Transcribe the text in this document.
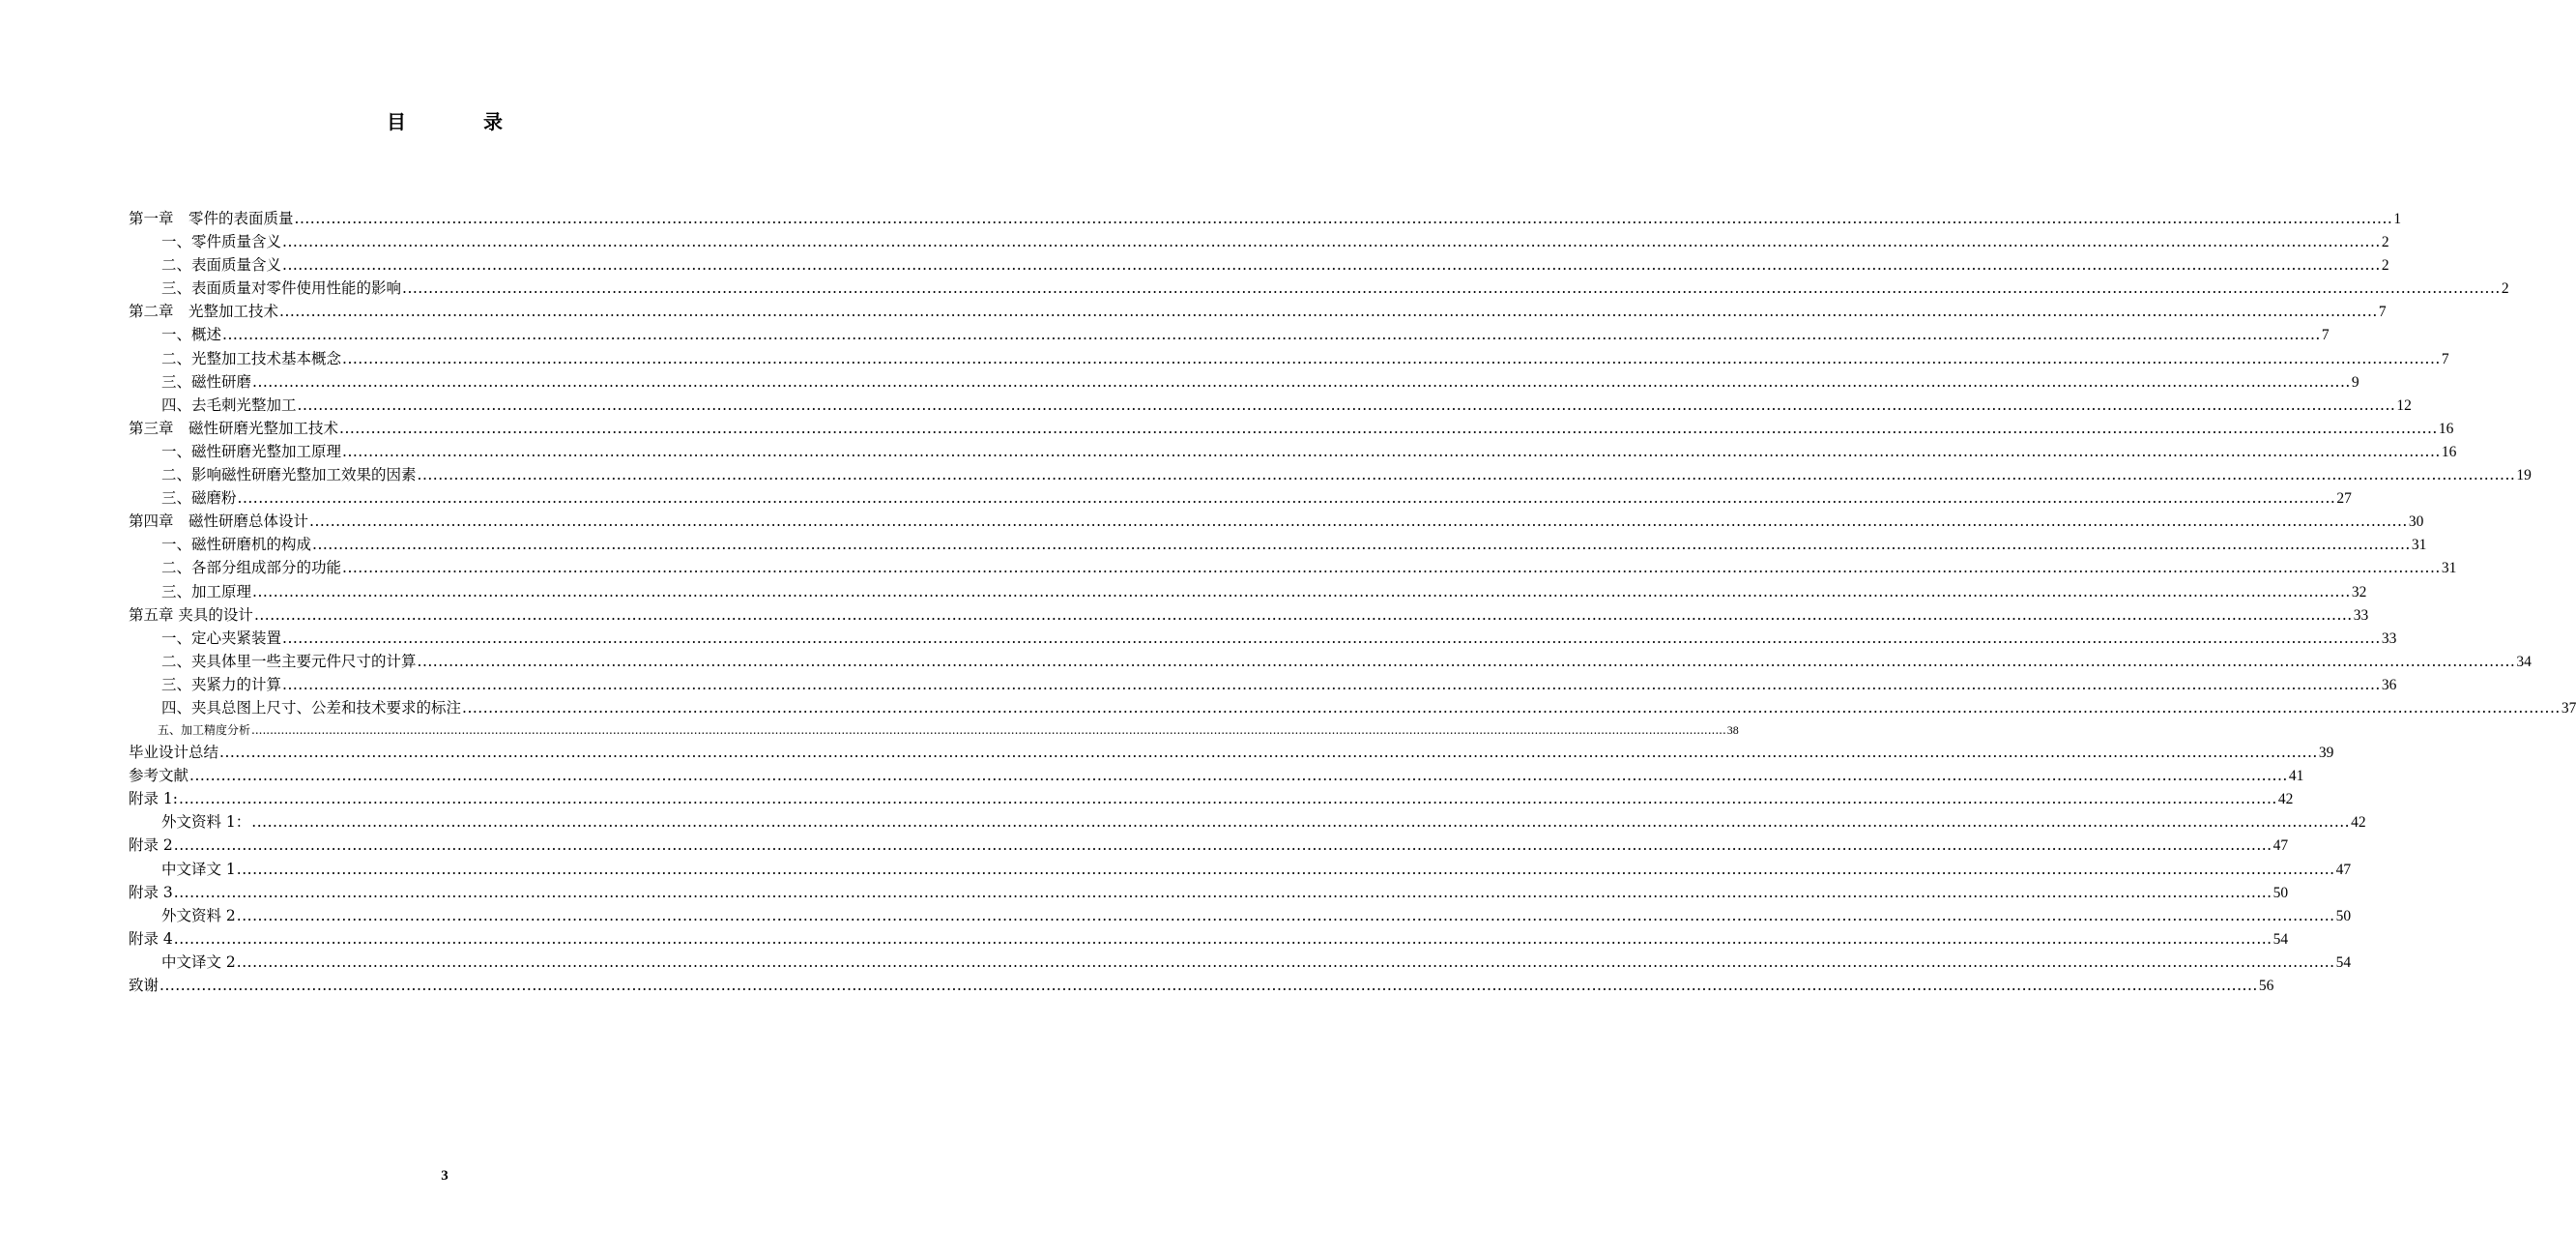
目　录
第一章　零件的表面质量 ................................................................................................................................................................................................................................................................................................................................................................................................................ 1
一、零件质量含义 ................................................................................................................................................................................................................................................................................................................................................................................................................ 2
二、表面质量含义 ................................................................................................................................................................................................................................................................................................................................................................................................................ 2
三、表面质量对零件使用性能的影响 ................................................................................................................................................................................................................................................................................................................................................................................................................ 2
第二章　光整加工技术 ................................................................................................................................................................................................................................................................................................................................................................................................................ 7
一、概述 ................................................................................................................................................................................................................................................................................................................................................................................................................ 7
二、光整加工技术基本概念 ................................................................................................................................................................................................................................................................................................................................................................................................................ 7
三、磁性研磨 ................................................................................................................................................................................................................................................................................................................................................................................................................ 9
四、去毛刺光整加工 ................................................................................................................................................................................................................................................................................................................................................................................................................ 12
第三章　磁性研磨光整加工技术 ................................................................................................................................................................................................................................................................................................................................................................................................................ 16
一、磁性研磨光整加工原理 ................................................................................................................................................................................................................................................................................................................................................................................................................ 16
二、影响磁性研磨光整加工效果的因素 ................................................................................................................................................................................................................................................................................................................................................................................................................ 19
三、磁磨粉 ................................................................................................................................................................................................................................................................................................................................................................................................................ 27
第四章　磁性研磨总体设计 ................................................................................................................................................................................................................................................................................................................................................................................................................ 30
一、磁性研磨机的构成 ................................................................................................................................................................................................................................................................................................................................................................................................................ 31
二、各部分组成部分的功能 ................................................................................................................................................................................................................................................................................................................................................................................................................ 31
三、加工原理 ................................................................................................................................................................................................................................................................................................................................................................................................................ 32
第五章 夹具的设计 ................................................................................................................................................................................................................................................................................................................................................................................................................ 33
一、定心夹紧装置 ................................................................................................................................................................................................................................................................................................................................................................................................................ 33
二、夹具体里一些主要元件尺寸的计算 ................................................................................................................................................................................................................................................................................................................................................................................................................ 34
三、夹紧力的计算 ................................................................................................................................................................................................................................................................................................................................................................................................................ 36
四、夹具总图上尺寸、公差和技术要求的标注 ................................................................................................................................................................................................................................................................................................................................................................................................................ 37
五、加工精度分析 ................................................................................................................................................................................................................................................................................................................................................................................................................ 38
毕业设计总结 ................................................................................................................................................................................................................................................................................................................................................................................................................ 39
参考文献 ................................................................................................................................................................................................................................................................................................................................................................................................................ 41
附录 1: ................................................................................................................................................................................................................................................................................................................................................................................................................ 42
外文资料 1： ................................................................................................................................................................................................................................................................................................................................................................................................................ 42
附录 2 ................................................................................................................................................................................................................................................................................................................................................................................................................ 47
中文译文 1 ................................................................................................................................................................................................................................................................................................................................................................................................................ 47
附录 3 ................................................................................................................................................................................................................................................................................................................................................................................................................ 50
外文资料 2 ................................................................................................................................................................................................................................................................................................................................................................................................................ 50
附录 4 ................................................................................................................................................................................................................................................................................................................................................................................................................ 54
中文译文 2 ................................................................................................................................................................................................................................................................................................................................................................................................................ 54
致谢 ................................................................................................................................................................................................................................................................................................................................................................................................................ 56
3
